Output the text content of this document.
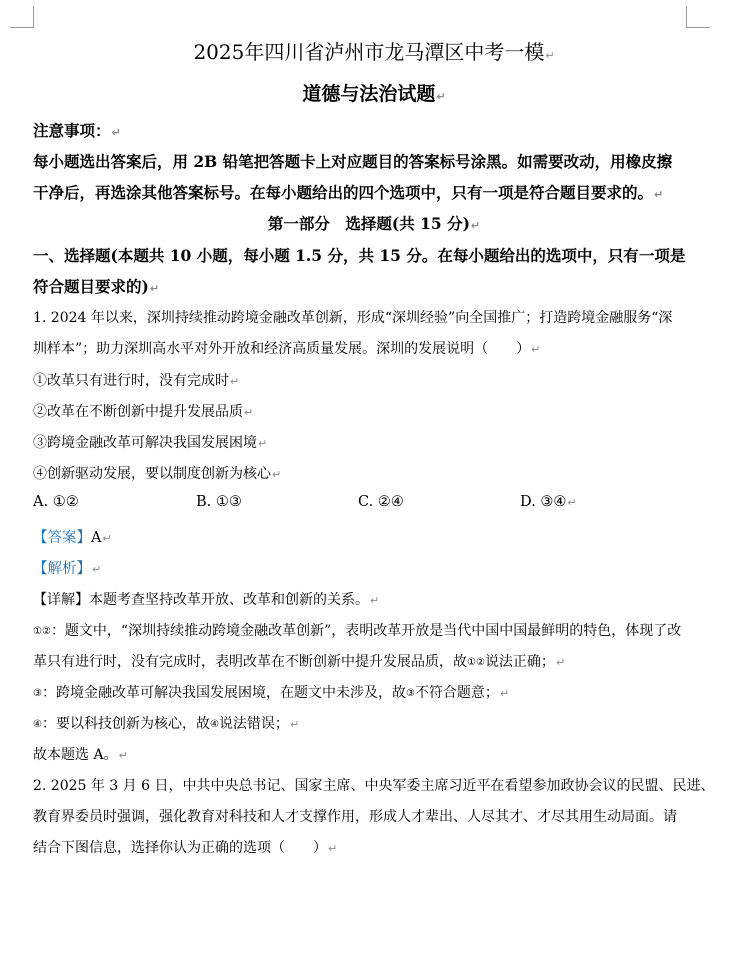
2025年四川省泸州市龙马潭区中考一模↵
道德与法治试题↵
注意事项：↵
每小题选出答案后，用 2B 铅笔把答题卡上对应题目的答案标号涂黑。如需要改动，用橡皮擦
干净后，再选涂其他答案标号。在每小题给出的四个选项中，只有一项是符合题目要求的。↵
第一部分　选择题(共 15 分)↵
一、选择题(本题共 10 小题，每小题 1.5 分，共 15 分。在每小题给出的选项中，只有一项是
符合题目要求的)↵
1. 2024 年以来，深圳持续推动跨境金融改革创新，形成“深圳经验”向全国推广；打造跨境金融服务“深
圳样本”；助力深圳高水平对外开放和经济高质量发展。深圳的发展说明（　　）↵
①改革只有进行时，没有完成时↵
②改革在不断创新中提升发展品质↵
③跨境金融改革可解决我国发展困境↵
④创新驱动发展，要以制度创新为核心↵
A. ①②	B. ①③	C. ②④	D. ③④↵
【答案】A↵
【解析】↵
【详解】本题考查坚持改革开放、改革和创新的关系。↵
①②：题文中，“深圳持续推动跨境金融改革创新”，表明改革开放是当代中国中国最鲜明的特色，体现了改
革只有进行时，没有完成时，表明改革在不断创新中提升发展品质，故①②说法正确；↵
③：跨境金融改革可解决我国发展困境，在题文中未涉及，故③不符合题意；↵
④：要以科技创新为核心，故④说法错误；↵
故本题选 A。↵
2. 2025 年 3 月 6 日，中共中央总书记、国家主席、中央军委主席习近平在看望参加政协会议的民盟、民进、
教育界委员时强调，强化教育对科技和人才支撑作用，形成人才辈出、人尽其才、才尽其用生动局面。请
结合下图信息，选择你认为正确的选项（　　）↵
